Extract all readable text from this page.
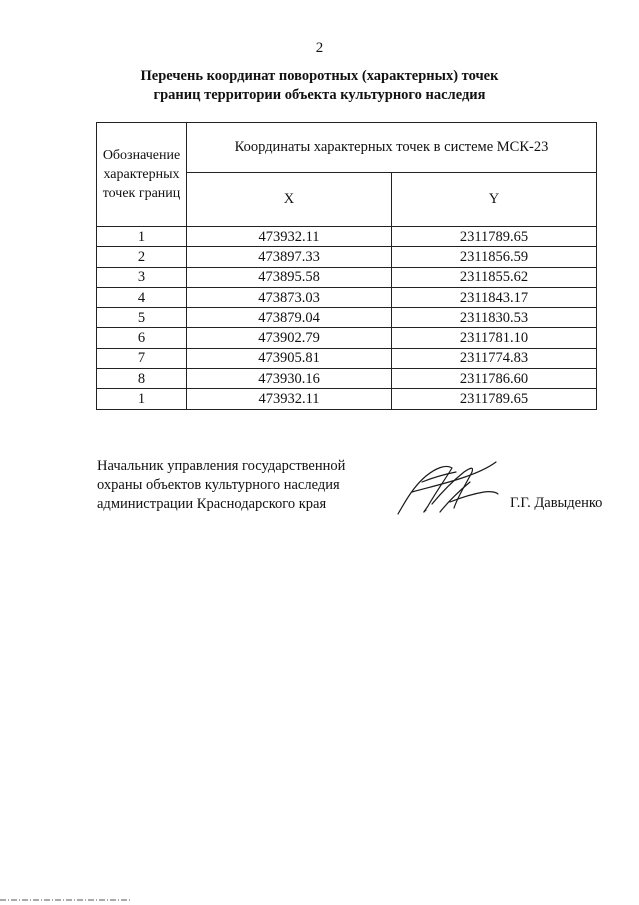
2
Перечень координат поворотных (характерных) точек
границ территории объекта культурного наследия
Обозначение
характерных
точек границ	Координаты характерных точек в системе МСК-23	
	X	Y
1	473932.11	2311789.65
2	473897.33	2311856.59
3	473895.58	2311855.62
4	473873.03	2311843.17
5	473879.04	2311830.53
6	473902.79	2311781.10
7	473905.81	2311774.83
8	473930.16	2311786.60
1	473932.11	2311789.65
Начальник управления государственной
охраны объектов культурного наследия
администрации Краснодарского края	Г.Г. Давыденко
